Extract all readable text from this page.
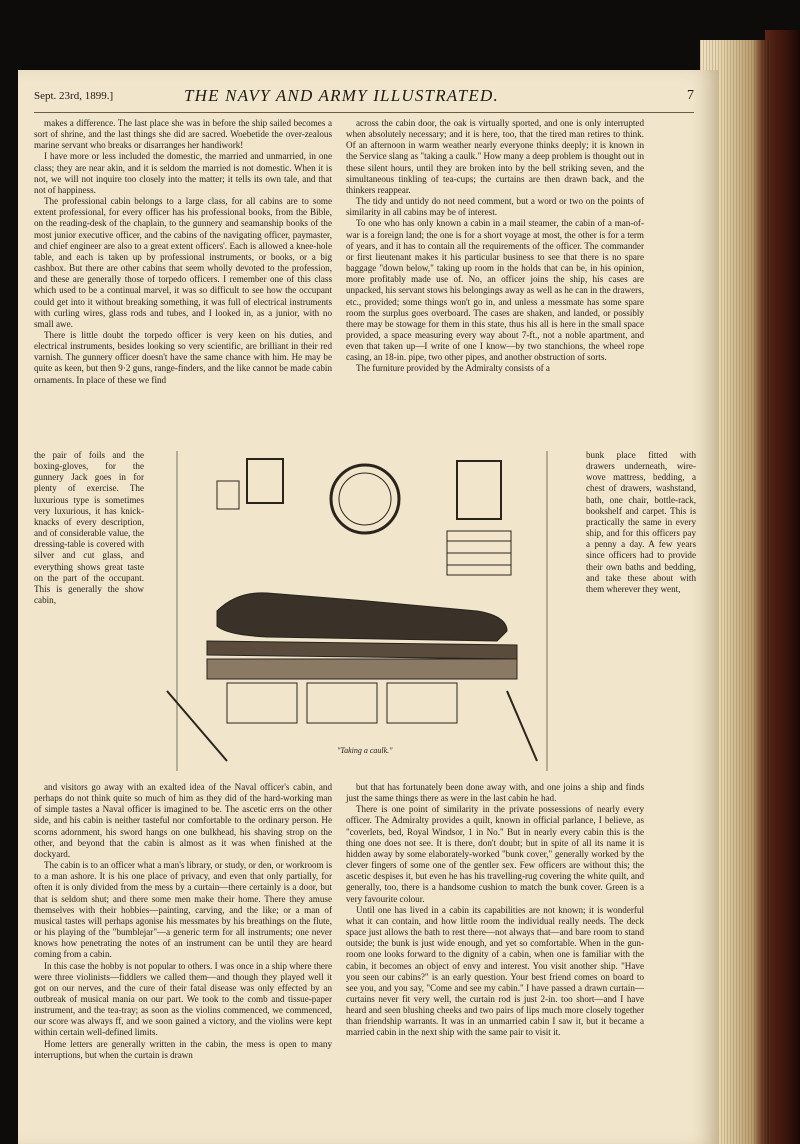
Sept. 23rd, 1899.]	THE NAVY AND ARMY ILLUSTRATED.	7

makes a difference. The last place she was in before the ship sailed becomes a sort of shrine, and the last things she did are sacred. Woebetide the over-zealous marine servant who breaks or disarranges her handiwork!

I have more or less included the domestic, the married and unmarried, in one class; they are near akin, and it is seldom the married is not domestic. When it is not, we will not inquire too closely into the matter; it tells its own tale, and that not of happiness.

The professional cabin belongs to a large class, for all cabins are to some extent professional, for every officer has his professional books, from the Bible, on the reading-desk of the chaplain, to the gunnery and seamanship books of the most junior executive officer, and the cabins of the navigating officer, paymaster, and chief engineer are also to a great extent officers'. Each is allowed a knee-hole table, and each is taken up by professional instruments, or books, or a big cashbox. But there are other cabins that seem wholly devoted to the profession, and these are generally those of torpedo officers. I remember one of this class which used to be a continual marvel, it was so difficult to see how the occupant could get into it without breaking something, it was full of electrical instruments with curling wires, glass rods and tubes, and I looked in, as a junior, with no small awe.

There is little doubt the torpedo officer is very keen on his duties, and electrical instruments, besides looking so very scientific, are brilliant in their red varnish. The gunnery officer doesn't have the same chance with him. He may be quite as keen, but then 9·2 guns, range-finders, and the like cannot be made cabin ornaments. In place of these we find

across the cabin door, the oak is virtually sported, and one is only interrupted when absolutely necessary; and it is here, too, that the tired man retires to think. Of an afternoon in warm weather nearly everyone thinks deeply; it is known in the Service slang as "taking a caulk." How many a deep problem is thought out in these silent hours, until they are broken into by the bell striking seven, and the simultaneous tinkling of tea-cups; the curtains are then drawn back, and the thinkers reappear.

The tidy and untidy do not need comment, but a word or two on the points of similarity in all cabins may be of interest.

To one who has only known a cabin in a mail steamer, the cabin of a man-of-war is a foreign land; the one is for a short voyage at most, the other is for a term of years, and it has to contain all the requirements of the officer. The commander or first lieutenant makes it his particular business to see that there is no spare baggage "down below," taking up room in the holds that can be, in his opinion, more profitably made use of. No, an officer joins the ship, his cases are unpacked, his servant stows his belongings away as well as he can in the drawers, etc., provided; some things won't go in, and unless a messmate has some spare room the surplus goes overboard. The cases are shaken, and landed, or possibly there may be stowage for them in this state, thus his all is here in the small space provided, a space measuring every way about 7-ft., not a noble apartment, and even that taken up—I write of one I know—by two stanchions, the wheel rope casing, an 18-in. pipe, two other pipes, and another obstruction of sorts.

The furniture provided by the Admiralty consists of a

the pair of foils and the boxing-gloves, for the gunnery Jack goes in for plenty of exercise. The luxurious type is sometimes very luxurious, it has knick-knacks of every description, and of considerable value, the dressing-table is covered with silver and cut glass, and everything shows great taste on the part of the occupant. This is generally the show cabin,
"Taking a caulk."
bunk place fitted with drawers underneath, wire-wove mattress, bedding, a chest of drawers, washstand, bath, one chair, bottle-rack, bookshelf and carpet. This is practically the same in every ship, and for this officers pay a penny a day. A few years since officers had to provide their own baths and bedding, and take these about with them wherever they went,

and visitors go away with an exalted idea of the Naval officer's cabin, and perhaps do not think quite so much of him as they did of the hard-working man of simple tastes a Naval officer is imagined to be. The ascetic errs on the other side, and his cabin is neither tasteful nor comfortable to the ordinary person. He scorns adornment, his sword hangs on one bulkhead, his shaving strop on the other, and beyond that the cabin is almost as it was when finished at the dockyard.

The cabin is to an officer what a man's library, or study, or den, or workroom is to a man ashore. It is his one place of privacy, and even that only partially, for often it is only divided from the mess by a curtain—there certainly is a door, but that is seldom shut; and there some men make their home. There they amuse themselves with their hobbies—painting, carving, and the like; or a man of musical tastes will perhaps agonise his messmates by his breathings on the flute, or his playing of the "bumblejar"—a generic term for all instruments; one never knows how penetrating the notes of an instrument can be until they are heard coming from a cabin.

In this case the hobby is not popular to others. I was once in a ship where there were three violinists—fiddlers we called them—and though they played well it got on our nerves, and the cure of their fatal disease was only effected by an outbreak of musical mania on our part. We took to the comb and tissue-paper instrument, and the tea-tray; as soon as the violins commenced, we commenced, our score was always ff, and we soon gained a victory, and the violins were kept within certain well-defined limits.

Home letters are generally written in the cabin, the mess is open to many interruptions, but when the curtain is drawn

but that has fortunately been done away with, and one joins a ship and finds just the same things there as were in the last cabin he had.

There is one point of similarity in the private possessions of nearly every officer. The Admiralty provides a quilt, known in official parlance, I believe, as "coverlets, bed, Royal Windsor, 1 in No." But in nearly every cabin this is the thing one does not see. It is there, don't doubt; but in spite of all its name it is hidden away by some elaborately-worked "bunk cover," generally worked by the clever fingers of some one of the gentler sex. Few officers are without this; the ascetic despises it, but even he has his travelling-rug covering the white quilt, and generally, too, there is a handsome cushion to match the bunk cover. Green is a very favourite colour.

Until one has lived in a cabin its capabilities are not known; it is wonderful what it can contain, and how little room the individual really needs. The deck space just allows the bath to rest there—not always that—and bare room to stand outside; the bunk is just wide enough, and yet so comfortable. When in the gun-room one looks forward to the dignity of a cabin, when one is familiar with the cabin, it becomes an object of envy and interest. You visit another ship. "Have you seen our cabins?" is an early question. Your best friend comes on board to see you, and you say, "Come and see my cabin." I have passed a drawn curtain—curtains never fit very well, the curtain rod is just 2-in. too short—and I have heard and seen blushing cheeks and two pairs of lips much more closely together than friendship warrants. It was in an unmarried cabin I saw it, but it became a married cabin in the next ship with the same pair to visit it.
